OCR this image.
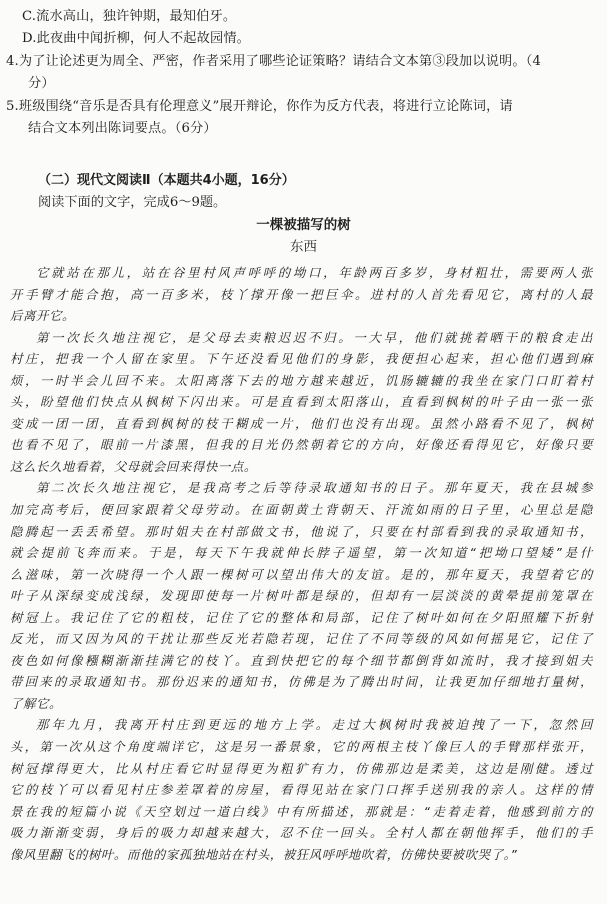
C.流水高山，独许钟期，最知伯牙。
D.此夜曲中闻折柳，何人不起故园情。
4.为了让论述更为周全、严密，作者采用了哪些论证策略？请结合文本第③段加以说明。（4
分）
5.班级围绕“音乐是否具有伦理意义”展开辩论，你作为反方代表，将进行立论陈词，请
结合文本列出陈词要点。（6分）
（二）现代文阅读Ⅱ（本题共4小题，16分）
阅读下面的文字，完成6～9题。
一棵被描写的树
东西
它就站在那儿，站在谷里村风声呼呼的坳口，年龄两百多岁，身材粗壮，需要两人张
开手臂才能合抱，高一百多米，枝丫撑开像一把巨伞。进村的人首先看见它，离村的人最
后离开它。
第一次长久地注视它，是父母去卖粮迟迟不归。一大早，他们就挑着晒干的粮食走出
村庄，把我一个人留在家里。下午还没看见他们的身影，我便担心起来，担心他们遇到麻
烦，一时半会儿回不来。太阳离落下去的地方越来越近，饥肠辘辘的我坐在家门口盯着村
头，盼望他们快点从枫树下闪出来。可是直看到太阳落山，直看到枫树的叶子由一张一张
变成一团一团，直看到枫树的枝干糊成一片，他们也没有出现。虽然小路看不见了，枫树
也看不见了，眼前一片漆黑，但我的目光仍然朝着它的方向，好像还看得见它，好像只要
这么长久地看着，父母就会回来得快一点。
第二次长久地注视它，是我高考之后等待录取通知书的日子。那年夏天，我在县城参
加完高考后，便回家跟着父母劳动。在面朝黄土背朝天、汗流如雨的日子里，心里总是隐
隐腾起一丢丢希望。那时姐夫在村部做文书，他说了，只要在村部看到我的录取通知书，
就会提前飞奔而来。于是，每天下午我就伸长脖子遥望，第一次知道“把坳口望矮”是什
么滋味，第一次晓得一个人跟一棵树可以望出伟大的友谊。是的，那年夏天，我望着它的
叶子从深绿变成浅绿，发现即使每一片树叶都是绿的，但却有一层淡淡的黄晕提前笼罩在
树冠上。我记住了它的粗枝，记住了它的整体和局部，记住了树叶如何在夕阳照耀下折射
反光，而又因为风的干扰让那些反光若隐若现，记住了不同等级的风如何摇晃它，记住了
夜色如何像糨糊渐渐挂满它的枝丫。直到快把它的每个细节都倒背如流时，我才接到姐夫
带回来的录取通知书。那份迟来的通知书，仿佛是为了腾出时间，让我更加仔细地打量树，
了解它。
那年九月，我离开村庄到更远的地方上学。走过大枫树时我被迫拽了一下，忽然回
头，第一次从这个角度端详它，这是另一番景象，它的两根主枝丫像巨人的手臂那样张开，
树冠撑得更大，比从村庄看它时显得更为粗犷有力，仿佛那边是柔美，这边是刚健。透过
它的枝丫可以看见村庄参差罩着的房屋，看得见站在家门口挥手送别我的亲人。这样的情
景在我的短篇小说《天空划过一道白线》中有所描述，那就是：“走着走着，他感到前方的
吸力渐渐变弱，身后的吸力却越来越大，忍不住一回头。全村人都在朝他挥手，他们的手
像风里翻飞的树叶。而他的家孤独地站在村头，被狂风呼呼地吹着，仿佛快要被吹哭了。”
